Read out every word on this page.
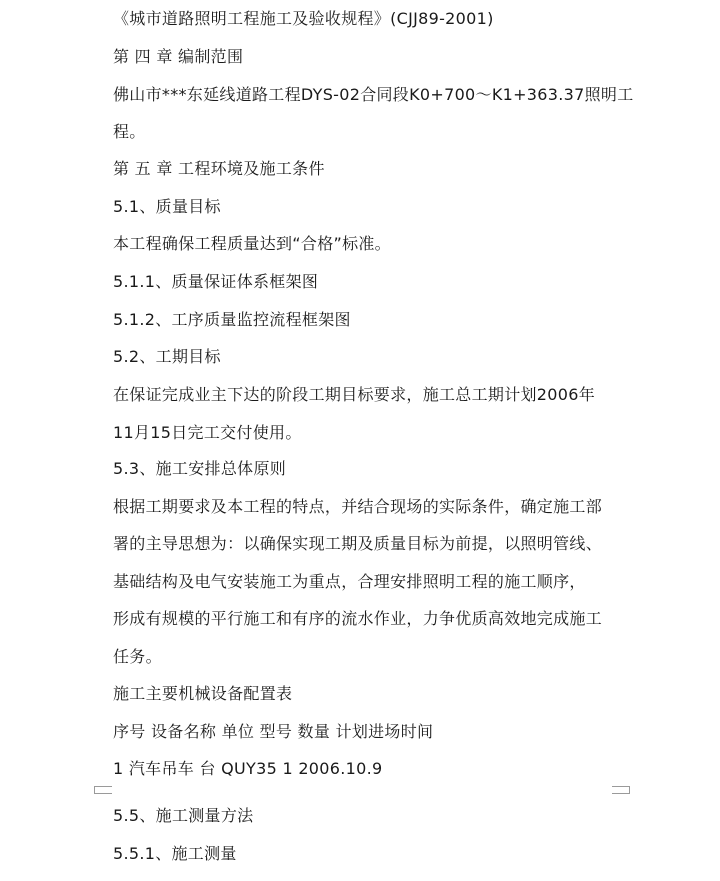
《城市道路照明工程施工及验收规程》(CJJ89-2001)
第 四 章 编制范围
佛山市***东延线道路工程DYS-02合同段K0+700～K1+363.37照明工
程。
第 五 章 工程环境及施工条件
5.1、质量目标
本工程确保工程质量达到“合格”标准。
5.1.1、质量保证体系框架图
5.1.2、工序质量监控流程框架图
5.2、工期目标
在保证完成业主下达的阶段工期目标要求，施工总工期计划2006年
11月15日完工交付使用。
5.3、施工安排总体原则
根据工期要求及本工程的特点，并结合现场的实际条件，确定施工部
署的主导思想为：以确保实现工期及质量目标为前提，以照明管线、
基础结构及电气安装施工为重点，合理安排照明工程的施工顺序，
形成有规模的平行施工和有序的流水作业，力争优质高效地完成施工
任务。
施工主要机械设备配置表
序号 设备名称 单位 型号 数量 计划进场时间
1 汽车吊车 台 QUY35 1 2006.10.9
5.5、施工测量方法
5.5.1、施工测量
